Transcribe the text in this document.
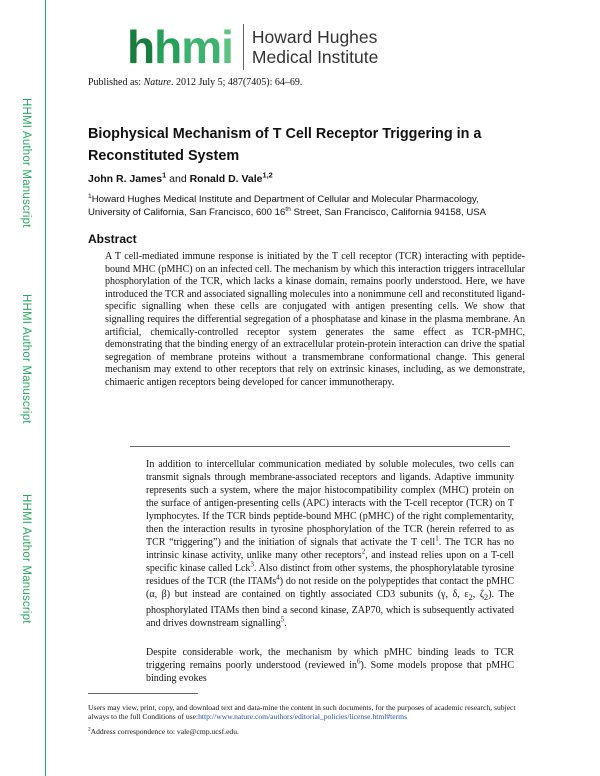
HHMI Author Manuscript
HHMI Author Manuscript
HHMI Author Manuscript
hhmi Howard Hughes
Medical Institute
Published as: Nature. 2012 July 5; 487(7405): 64–69.
Biophysical Mechanism of T Cell Receptor Triggering in a Reconstituted System
John R. James$^1$ and Ronald D. Vale$^{1,2}$
$^1$Howard Hughes Medical Institute and Department of Cellular and Molecular Pharmacology, University of California, San Francisco, 600 16th Street, San Francisco, California 94158, USA
Abstract
A T cell-mediated immune response is initiated by the T cell receptor (TCR) interacting with peptide-bound MHC (pMHC) on an infected cell. The mechanism by which this interaction triggers intracellular phosphorylation of the TCR, which lacks a kinase domain, remains poorly understood. Here, we have introduced the TCR and associated signalling molecules into a nonimmune cell and reconstituted ligand-specific signalling when these cells are conjugated with antigen presenting cells. We show that signalling requires the differential segregation of a phosphatase and kinase in the plasma membrane. An artificial, chemically-controlled receptor system generates the same effect as TCR-pMHC, demonstrating that the binding energy of an extracellular protein-protein interaction can drive the spatial segregation of membrane proteins without a transmembrane conformational change. This general mechanism may extend to other receptors that rely on extrinsic kinases, including, as we demonstrate, chimaeric antigen receptors being developed for cancer immunotherapy.
In addition to intercellular communication mediated by soluble molecules, two cells can transmit signals through membrane-associated receptors and ligands. Adaptive immunity represents such a system, where the major histocompatibility complex (MHC) protein on the surface of antigen-presenting cells (APC) interacts with the T-cell receptor (TCR) on T lymphocytes. If the TCR binds peptide-bound MHC (pMHC) of the right complementarity, then the interaction results in tyrosine phosphorylation of the TCR (herein referred to as TCR “triggering”) and the initiation of signals that activate the T cell$^1$. The TCR has no intrinsic kinase activity, unlike many other receptors$^2$, and instead relies upon on a T-cell specific kinase called Lck$^3$. Also distinct from other systems, the phosphorylatable tyrosine residues of the TCR (the ITAMs$^4$) do not reside on the polypeptides that contact the pMHC (α, β) but instead are contained on tightly associated CD3 subunits (γ, δ, $\varepsilon_2$, $\zeta_2$). The phosphorylated ITAMs then bind a second kinase, ZAP70, which is subsequently activated and drives downstream signalling$^5$.
Despite considerable work, the mechanism by which pMHC binding leads to TCR triggering remains poorly understood (reviewed $in^6$). Some models propose that pMHC binding evokes
Users may view, print, copy, and download text and data-mine the content in such documents, for the purposes of academic research, subject always to the full Conditions of use:http://www.nature.com/authors/editorial_policies/license.html#terms
$^2$Address correspondence to: vale@cmp.ucsf.edu.
